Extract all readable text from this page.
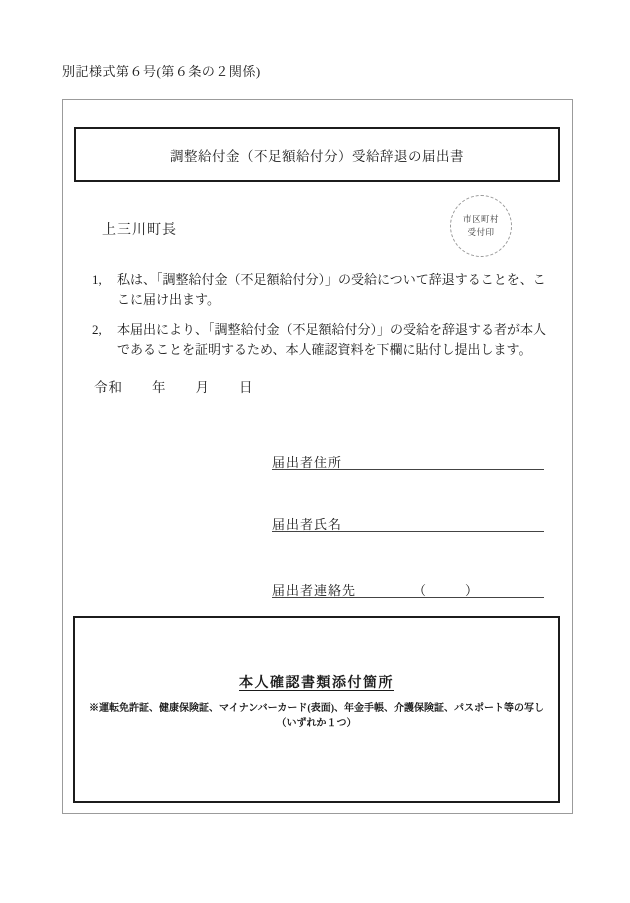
別記様式第６号(第６条の２関係)
調整給付金（不足額給付分）受給辞退の届出書
上三川町長
市区町村
受付印
1,	私は、「調整給付金（不足額給付分）」の受給について辞退することを、ここに届け出ます。
2,	本届出により、「調整給付金（不足額給付分）」の受給を辞退する者が本人であることを証明するため、本人確認資料を下欄に貼付し提出します。
令和　　年　　月　　日
届出者住所
届出者氏名
届出者連絡先	（　　　）
本人確認書類添付箇所
※運転免許証、健康保険証、マイナンバーカード(表面)、年金手帳、介護保険証、パスポート等の写し
（いずれか１つ）
